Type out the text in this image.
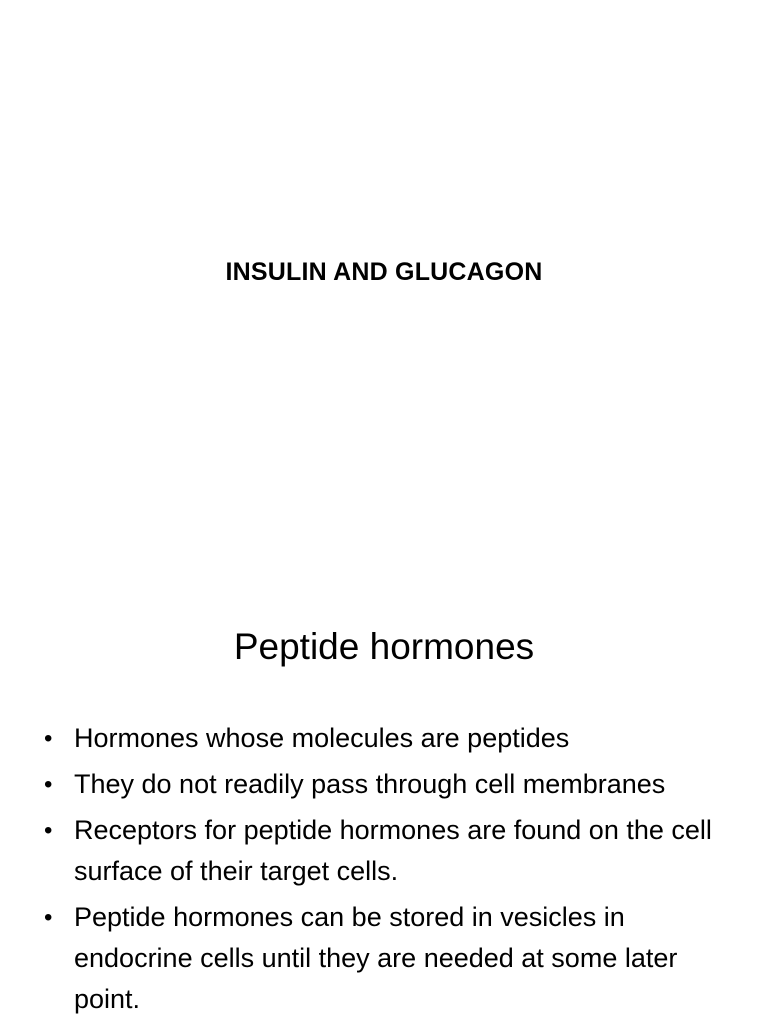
INSULIN AND GLUCAGON
Peptide hormones
• Hormones whose molecules are peptides
• They do not readily pass through cell membranes
• Receptors for peptide hormones are found on the cell surface of their target cells.
• Peptide hormones can be stored in vesicles in endocrine cells until they are needed at some later point.
